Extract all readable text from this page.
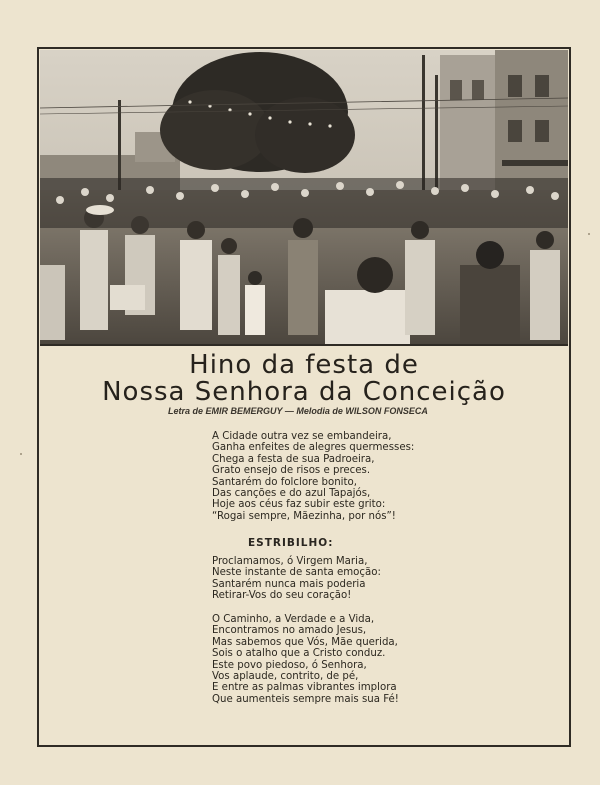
Hino da festa de
Nossa Senhora da Conceição
Letra de EMIR BEMERGUY — Melodia de WILSON FONSECA
A Cidade outra vez se embandeira,
Ganha enfeites de alegres quermesses:
Chega a festa de sua Padroeira,
Grato ensejo de risos e preces.
Santarém do folclore bonito,
Das canções e do azul Tapajós,
Hoje aos céus faz subir este grito:
“Rogai sempre, Mãezinha, por nós”!
ESTRIBILHO:
Proclamamos, ó Virgem Maria,
Neste instante de santa emoção:
Santarém nunca mais poderia
Retirar-Vos do seu coração!
O Caminho, a Verdade e a Vida,
Encontramos no amado Jesus,
Mas sabemos que Vós, Mãe querida,
Sois o atalho que a Cristo conduz.
Este povo piedoso, ó Senhora,
Vos aplaude, contrito, de pé,
E entre as palmas vibrantes implora
Que aumenteis sempre mais sua Fé!
